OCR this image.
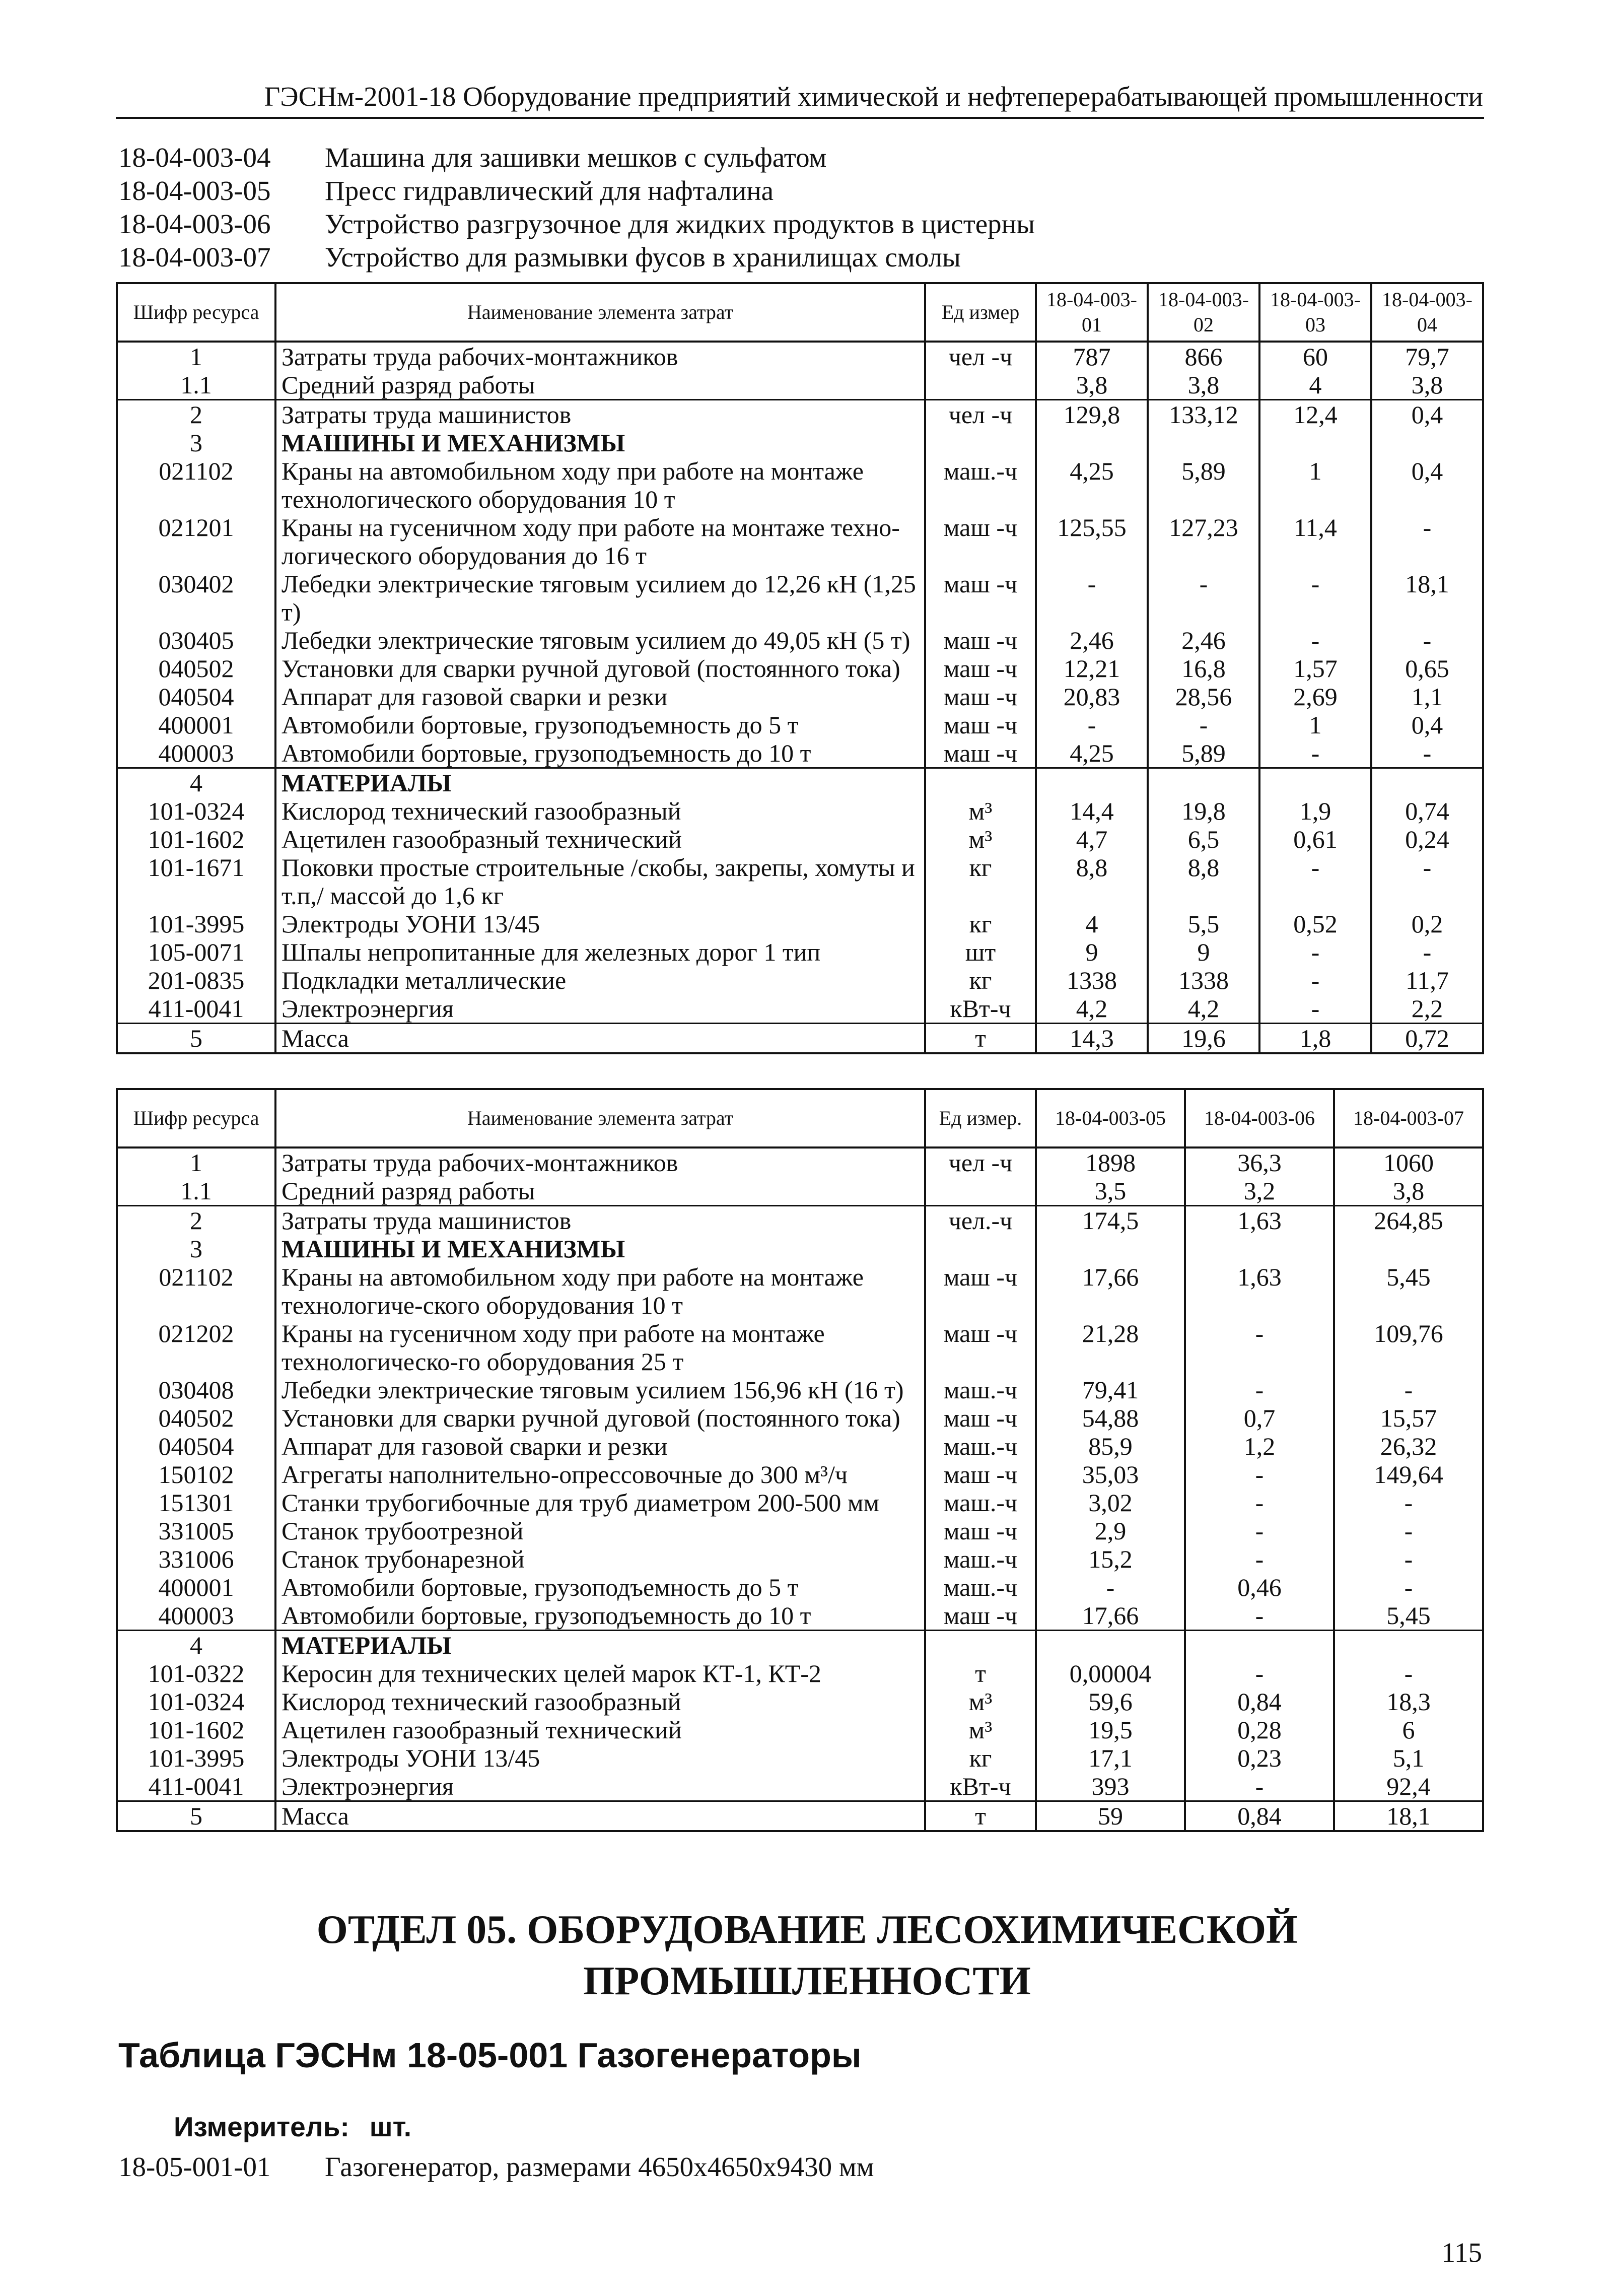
ГЭСНм-2001-18 Оборудование предприятий химической и нефтеперерабатывающей промышленности
18-04-003-04	Машина для зашивки мешков с сульфатом
18-04-003-05	Пресс гидравлический для нафталина
18-04-003-06	Устройство разгрузочное для жидких продуктов в цистерны
18-04-003-07	Устройство для размывки фусов в хранилищах смолы
Шифр ресурса	Наименование элемента затрат	Ед измер	18-04-003-01	18-04-003-02	18-04-003-03	18-04-003-04
1	Затраты труда рабочих-монтажников	чел -ч	787	866	60	79,7
1.1	Средний разряд работы		3,8	3,8	4	3,8
2	Затраты труда машинистов	чел -ч	129,8	133,12	12,4	0,4
3	МАШИНЫ И МЕХАНИЗМЫ					
021102	Краны на автомобильном ходу при работе на монтаже технологического оборудования 10 т	маш.-ч	4,25	5,89	1	0,4
021201	Краны на гусеничном ходу при работе на монтаже техно-логического оборудования до 16 т	маш -ч	125,55	127,23	11,4	-
030402	Лебедки электрические тяговым усилием до 12,26 кН (1,25 т)	маш -ч	-	-	-	18,1
030405	Лебедки электрические тяговым усилием до 49,05 кН (5 т)	маш -ч	2,46	2,46	-	-
040502	Установки для сварки ручной дуговой (постоянного тока)	маш -ч	12,21	16,8	1,57	0,65
040504	Аппарат для газовой сварки и резки	маш -ч	20,83	28,56	2,69	1,1
400001	Автомобили бортовые, грузоподъемность до 5 т	маш -ч	-	-	1	0,4
400003	Автомобили бортовые, грузоподъемность до 10 т	маш -ч	4,25	5,89	-	-
4	МАТЕРИАЛЫ					
101-0324	Кислород технический газообразный	м³	14,4	19,8	1,9	0,74
101-1602	Ацетилен газообразный технический	м³	4,7	6,5	0,61	0,24
101-1671	Поковки простые строительные /скобы, закрепы, хомуты и т.п,/ массой до 1,6 кг	кг	8,8	8,8	-	-
101-3995	Электроды УОНИ 13/45	кг	4	5,5	0,52	0,2
105-0071	Шпалы непропитанные для железных дорог 1 тип	шт	9	9	-	-
201-0835	Подкладки металлические	кг	1338	1338	-	11,7
411-0041	Электроэнергия	кВт-ч	4,2	4,2	-	2,2
5	Масса	т	14,3	19,6	1,8	0,72
Шифр ресурса	Наименование элемента затрат	Ед измер.	18-04-003-05	18-04-003-06	18-04-003-07
1	Затраты труда рабочих-монтажников	чел -ч	1898	36,3	1060
1.1	Средний разряд работы		3,5	3,2	3,8
2	Затраты труда машинистов	чел.-ч	174,5	1,63	264,85
3	МАШИНЫ И МЕХАНИЗМЫ				
021102	Краны на автомобильном ходу при работе на монтаже технологиче-ского оборудования 10 т	маш -ч	17,66	1,63	5,45
021202	Краны на гусеничном ходу при работе на монтаже технологическо-го оборудования 25 т	маш -ч	21,28	-	109,76
030408	Лебедки электрические тяговым усилием 156,96 кН (16 т)	маш.-ч	79,41	-	-
040502	Установки для сварки ручной дуговой (постоянного тока)	маш -ч	54,88	0,7	15,57
040504	Аппарат для газовой сварки и резки	маш.-ч	85,9	1,2	26,32
150102	Агрегаты наполнительно-опрессовочные до 300 м³/ч	маш -ч	35,03	-	149,64
151301	Станки трубогибочные для труб диаметром 200-500 мм	маш.-ч	3,02	-	-
331005	Станок трубоотрезной	маш -ч	2,9	-	-
331006	Станок трубонарезной	маш.-ч	15,2	-	-
400001	Автомобили бортовые, грузоподъемность до 5 т	маш.-ч	-	0,46	-
400003	Автомобили бортовые, грузоподъемность до 10 т	маш -ч	17,66	-	5,45
4	МАТЕРИАЛЫ				
101-0322	Керосин для технических целей марок КТ-1, КТ-2	т	0,00004	-	-
101-0324	Кислород технический газообразный	м³	59,6	0,84	18,3
101-1602	Ацетилен газообразный технический	м³	19,5	0,28	6
101-3995	Электроды УОНИ 13/45	кг	17,1	0,23	5,1
411-0041	Электроэнергия	кВт-ч	393	-	92,4
5	Масса	т	59	0,84	18,1
ОТДЕЛ 05. ОБОРУДОВАНИЕ ЛЕСОХИМИЧЕСКОЙ ПРОМЫШЛЕННОСТИ
Таблица ГЭСНм 18-05-001 Газогенераторы
Измеритель: шт.
18-05-001-01	Газогенератор, размерами 4650х4650х9430 мм
115
